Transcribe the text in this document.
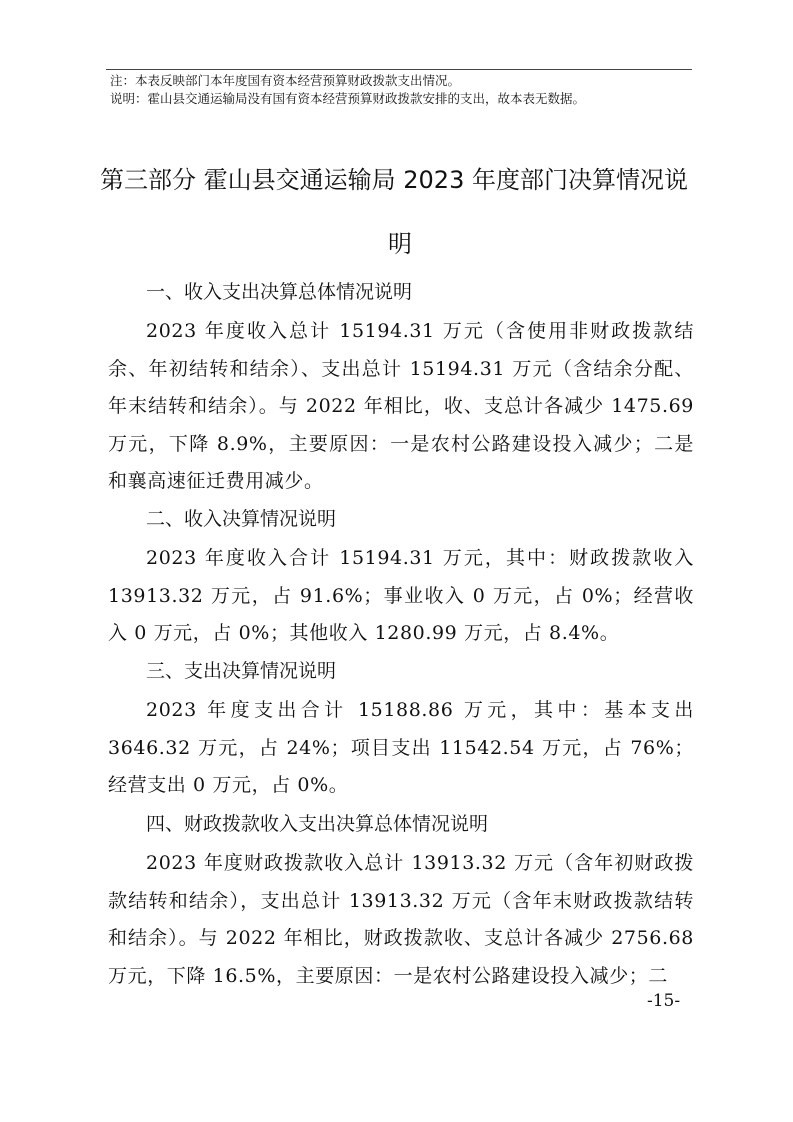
注：本表反映部门本年度国有资本经营预算财政拨款支出情况。
说明：霍山县交通运输局没有国有资本经营预算财政拨款安排的支出，故本表无数据。
第三部分 霍山县交通运输局 2023 年度部门决算情况说
明
一、收入支出决算总体情况说明
2023 年度收入总计 15194.31 万元（含使用非财政拨款结余、年初结转和结余）、支出总计 15194.31 万元（含结余分配、年末结转和结余）。与 2022 年相比，收、支总计各减少 1475.69 万元，下降 8.9%，主要原因：一是农村公路建设投入减少；二是和襄高速征迁费用减少。
二、收入决算情况说明
2023 年度收入合计 15194.31 万元，其中：财政拨款收入 13913.32 万元，占 91.6%；事业收入 0 万元，占 0%；经营收入 0 万元，占 0%；其他收入 1280.99 万元，占 8.4%。
三、支出决算情况说明
2023 年度支出合计 15188.86 万元，其中：基本支出 3646.32 万元，占 24%；项目支出 11542.54 万元，占 76%；经营支出 0 万元，占 0%。
四、财政拨款收入支出决算总体情况说明
2023 年度财政拨款收入总计 13913.32 万元（含年初财政拨款结转和结余），支出总计 13913.32 万元（含年末财政拨款结转和结余）。与 2022 年相比，财政拨款收、支总计各减少 2756.68 万元，下降 16.5%，主要原因：一是农村公路建设投入减少；二
-15-
